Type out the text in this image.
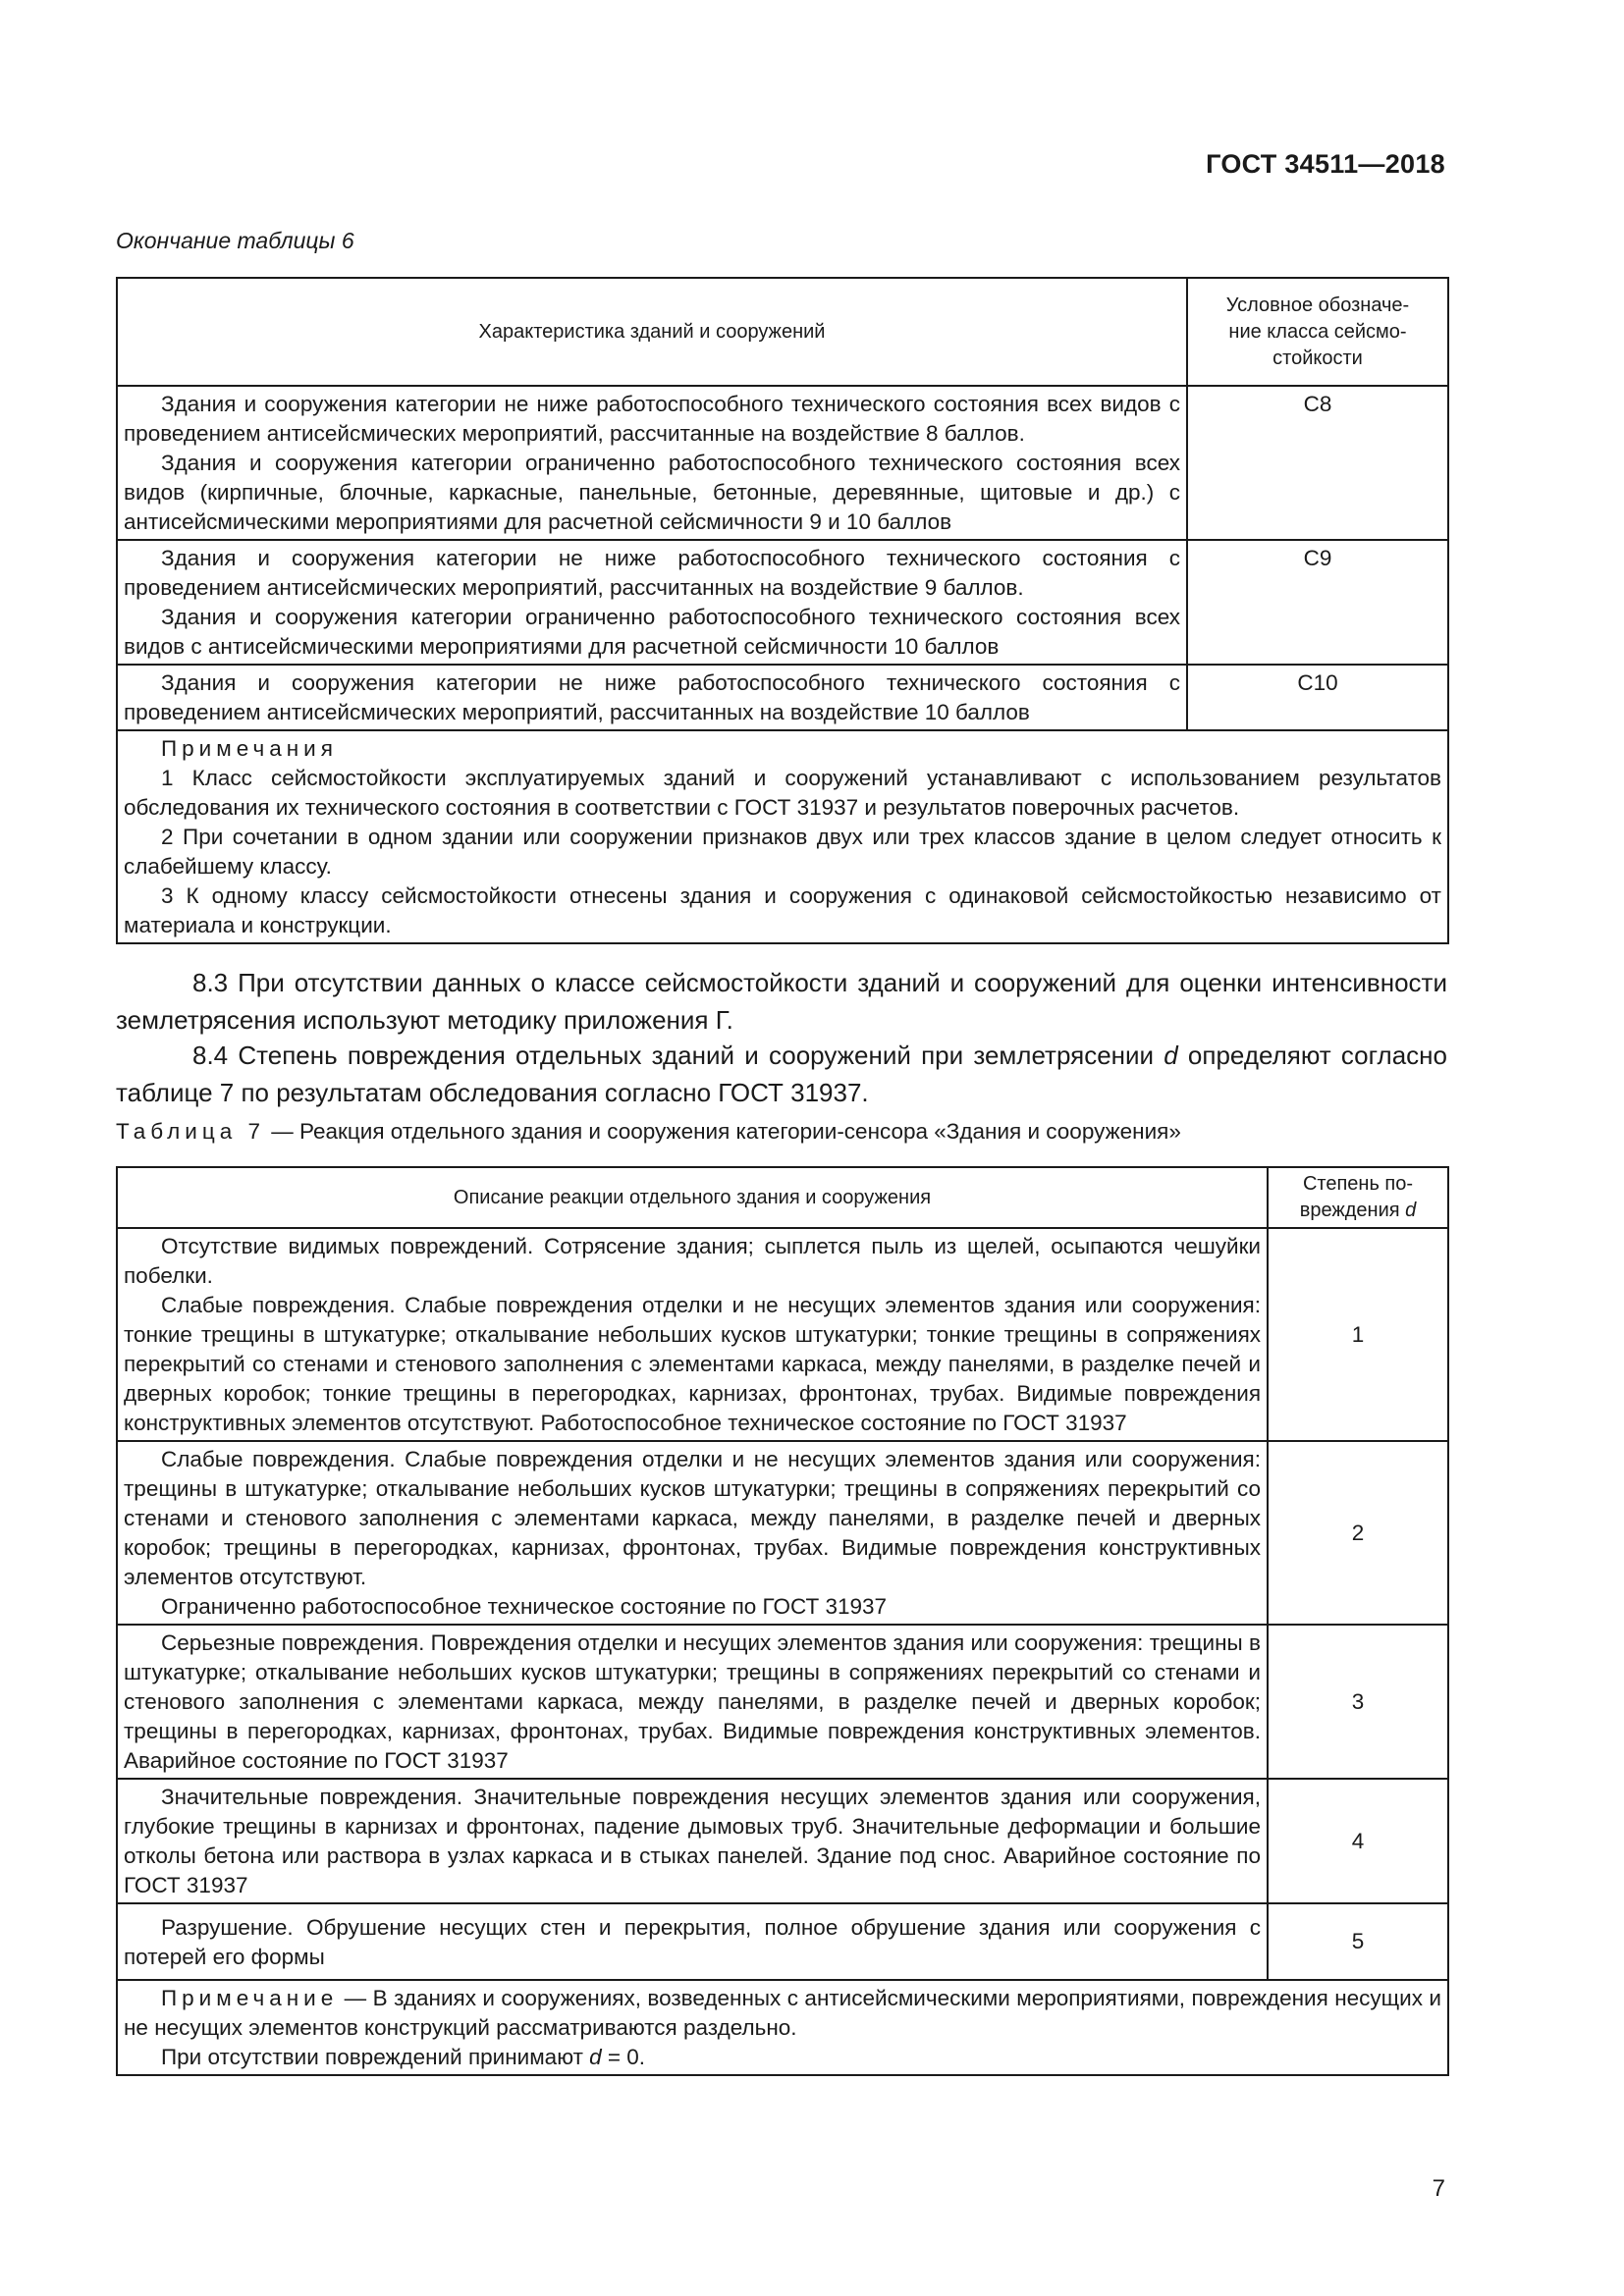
ГОСТ 34511—2018
Окончание таблицы 6
Характеристика зданий и сооружений	Условное обозначе-
ние класса сейсмо-
стойкости

Здания и сооружения категории не ниже работоспособного технического состояния всех видов с проведением антисейсмических мероприятий, рассчитанные на воздействие 8 баллов.

Здания и сооружения категории ограниченно работоспособного технического состояния всех видов (кирпичные, блочные, каркасные, панельные, бетонные, деревянные, щитовые и др.) с антисейсмическими мероприятиями для расчетной сейсмичности 9 и 10 баллов	С8

Здания и сооружения категории не ниже работоспособного технического состояния с проведением антисейсмических мероприятий, рассчитанных на воздействие 9 баллов.

Здания и сооружения категории ограниченно работоспособного технического состояния всех видов с антисейсмическими мероприятиями для расчетной сейсмичности 10 баллов	С9

Здания и сооружения категории не ниже работоспособного технического состояния с проведением антисейсмических мероприятий, рассчитанных на воздействие 10 баллов	С10

Примечания

1 Класс сейсмостойкости эксплуатируемых зданий и сооружений устанавливают с использованием результатов обследования их технического состояния в соответствии с ГОСТ 31937 и результатов поверочных расчетов.

2 При сочетании в одном здании или сооружении признаков двух или трех классов здание в целом следует относить к слабейшему классу.

3 К одному классу сейсмостойкости отнесены здания и сооружения с одинаковой сейсмостойкостью независимо от материала и конструкции.	

8.3 При отсутствии данных о классе сейсмостойкости зданий и сооружений для оценки интенсивности землетрясения используют методику приложения Г.

8.4 Степень повреждения отдельных зданий и сооружений при землетрясении d определяют согласно таблице 7 по результатам обследования согласно ГОСТ 31937.

Таблица 7 — Реакция отдельного здания и сооружения категории-сенсора «Здания и сооружения»
Описание реакции отдельного здания и сооружения	Степень по-
вреждения d

Отсутствие видимых повреждений. Сотрясение здания; сыплется пыль из щелей, осыпаются чешуйки побелки.

Слабые повреждения. Слабые повреждения отделки и не несущих элементов здания или сооружения: тонкие трещины в штукатурке; откалывание небольших кусков штукатурки; тонкие трещины в сопряжениях перекрытий со стенами и стенового заполнения с элементами каркаса, между панелями, в разделке печей и дверных коробок; тонкие трещины в перегородках, карнизах, фронтонах, трубах. Видимые повреждения конструктивных элементов отсутствуют. Работоспособное техническое состояние по ГОСТ 31937	1

Слабые повреждения. Слабые повреждения отделки и не несущих элементов здания или сооружения: трещины в штукатурке; откалывание небольших кусков штукатурки; трещины в сопряжениях перекрытий со стенами и стенового заполнения с элементами каркаса, между панелями, в разделке печей и дверных коробок; трещины в перегородках, карнизах, фронтонах, трубах. Видимые повреждения конструктивных элементов отсутствуют.

Ограниченно работоспособное техническое состояние по ГОСТ 31937	2

Серьезные повреждения. Повреждения отделки и несущих элементов здания или сооружения: трещины в штукатурке; откалывание небольших кусков штукатурки; трещины в сопряжениях перекрытий со стенами и стенового заполнения с элементами каркаса, между панелями, в разделке печей и дверных коробок; трещины в перегородках, карнизах, фронтонах, трубах. Видимые повреждения конструктивных элементов. Аварийное состояние по ГОСТ 31937	3

Значительные повреждения. Значительные повреждения несущих элементов здания или сооружения, глубокие трещины в карнизах и фронтонах, падение дымовых труб. Значительные деформации и большие отколы бетона или раствора в узлах каркаса и в стыках панелей. Здание под снос. Аварийное состояние по ГОСТ 31937	4

Разрушение. Обрушение несущих стен и перекрытия, полное обрушение здания или сооружения с потерей его формы	5

Примечание — В зданиях и сооружениях, возведенных с антисейсмическими мероприятиями, повреждения несущих и не несущих элементов конструкций рассматриваются раздельно.

При отсутствии повреждений принимают d = 0.	

7
